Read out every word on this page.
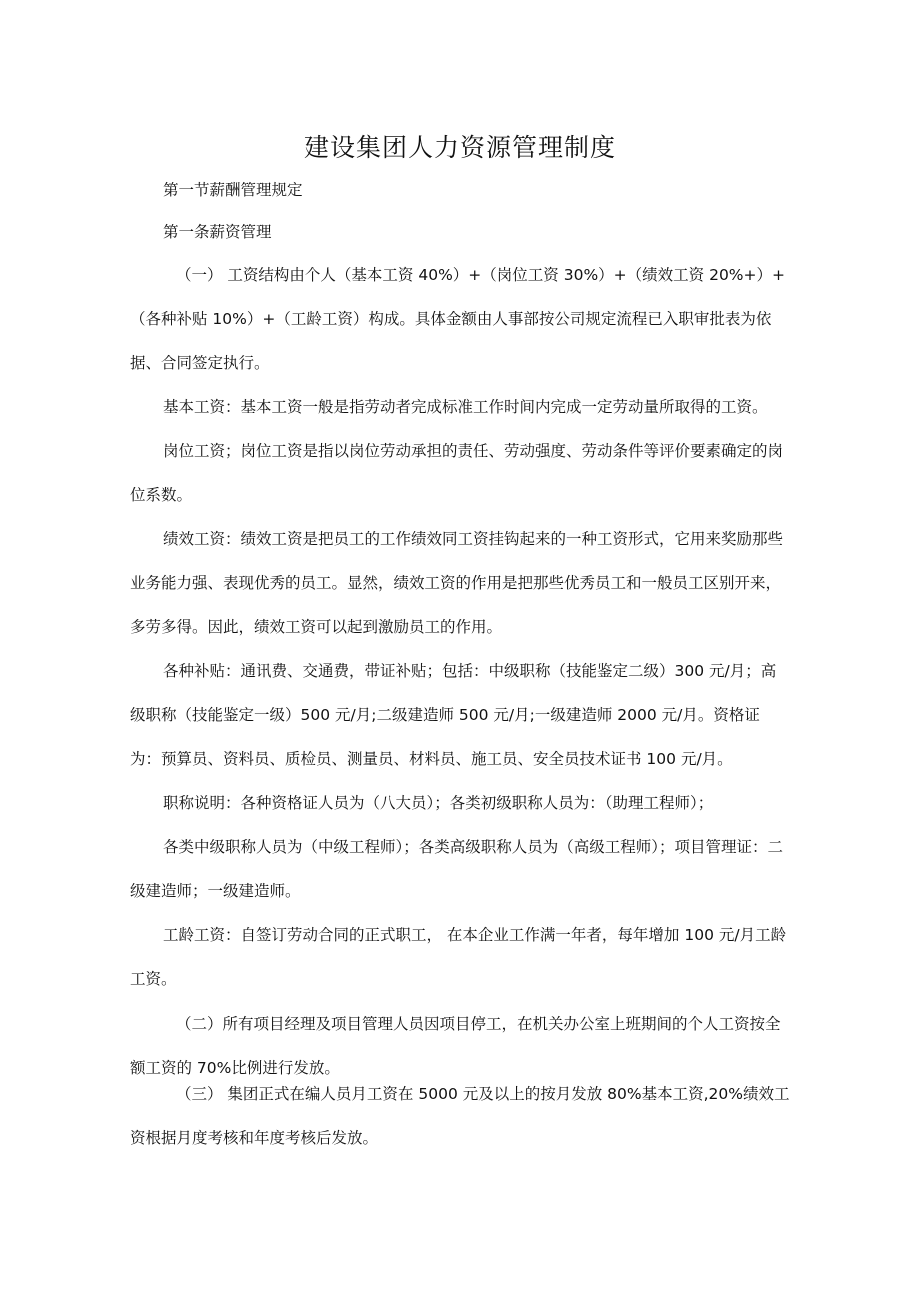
建设集团人力资源管理制度

第一节薪酬管理规定

第一条薪资管理

（一） 工资结构由个人（基本工资 40%）+（岗位工资 30%）+（绩效工资 20%+）+（各种补贴 10%）+（工龄工资）构成。具体金额由人事部按公司规定流程已入职审批表为依据、合同签定执行。

基本工资：基本工资一般是指劳动者完成标准工作时间内完成一定劳动量所取得的工资。

岗位工资；岗位工资是指以岗位劳动承担的责任、劳动强度、劳动条件等评价要素确定的岗位系数。

绩效工资：绩效工资是把员工的工作绩效同工资挂钩起来的一种工资形式，它用来奖励那些业务能力强、表现优秀的员工。显然，绩效工资的作用是把那些优秀员工和一般员工区别开来，多劳多得。因此，绩效工资可以起到激励员工的作用。

各种补贴：通讯费、交通费，带证补贴；包括：中级职称（技能鉴定二级）300 元/月；高级职称（技能鉴定一级）500 元/月;二级建造师 500 元/月;一级建造师 2000 元/月。资格证为：预算员、资料员、质检员、测量员、材料员、施工员、安全员技术证书 100 元/月。

职称说明：各种资格证人员为（八大员）；各类初级职称人员为：（助理工程师）；

各类中级职称人员为（中级工程师）；各类高级职称人员为（高级工程师）；项目管理证：二级建造师；一级建造师。

工龄工资：自签订劳动合同的正式职工， 在本企业工作满一年者，每年增加 100 元/月工龄工资。

（二）所有项目经理及项目管理人员因项目停工，在机关办公室上班期间的个人工资按全额工资的 70%比例进行发放。

（三） 集团正式在编人员月工资在 5000 元及以上的按月发放 80%基本工资,20%绩效工资根据月度考核和年度考核后发放。
